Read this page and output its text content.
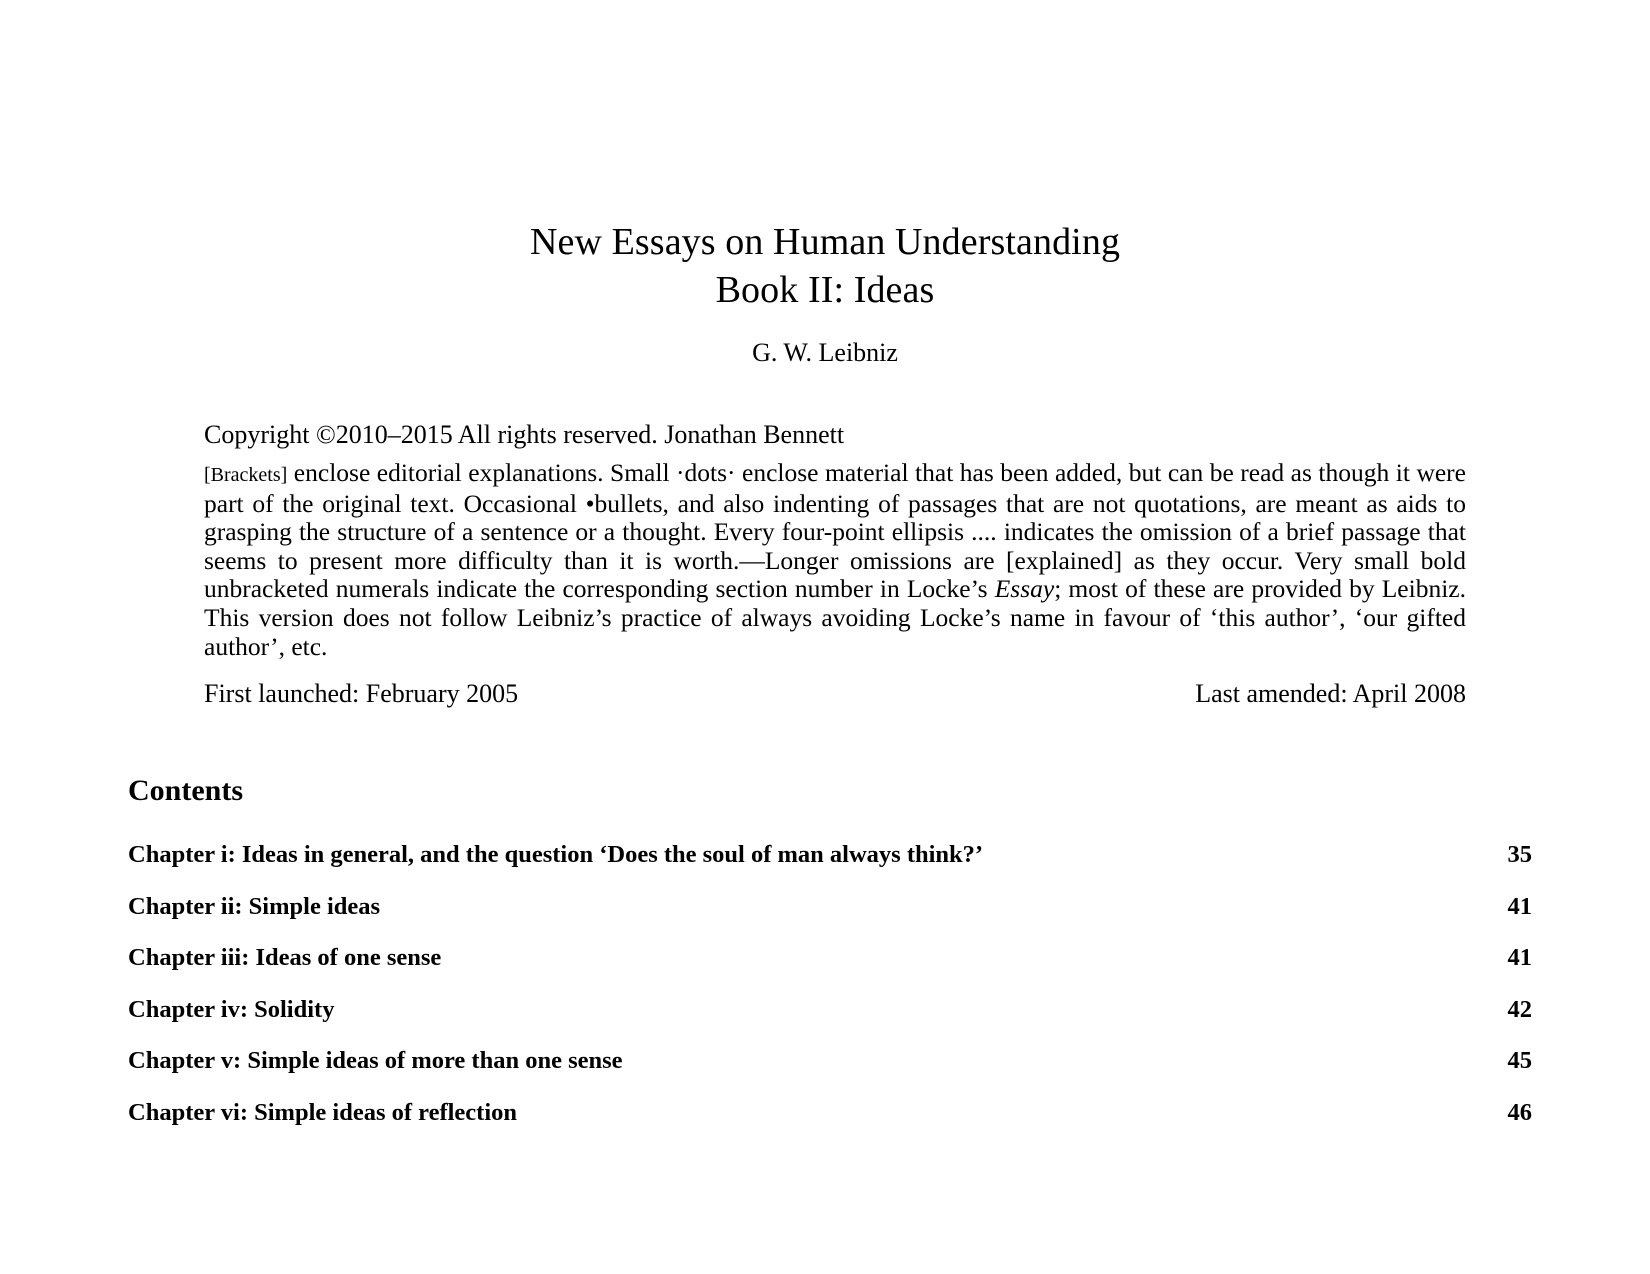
New Essays on Human Understanding
Book II: Ideas
G. W. Leibniz
Copyright ©2010–2015 All rights reserved. Jonathan Bennett

[Brackets] enclose editorial explanations. Small ·dots· enclose material that has been added, but can be read as though it were part of the original text. Occasional •bullets, and also indenting of passages that are not quotations, are meant as aids to grasping the structure of a sentence or a thought. Every four-point ellipsis .... indicates the omission of a brief passage that seems to present more difficulty than it is worth.—Longer omissions are [explained] as they occur. Very small bold unbracketed numerals indicate the corresponding section number in Locke’s Essay; most of these are provided by Leibniz. This version does not follow Leibniz’s practice of always avoiding Locke’s name in favour of ‘this author’, ‘our gifted author’, etc.

First launched: February 2005	Last amended: April 2008
Contents
Chapter i: Ideas in general, and the question ‘Does the soul of man always think?’	35
Chapter ii: Simple ideas	41
Chapter iii: Ideas of one sense	41
Chapter iv: Solidity	42
Chapter v: Simple ideas of more than one sense	45
Chapter vi: Simple ideas of reflection	46
